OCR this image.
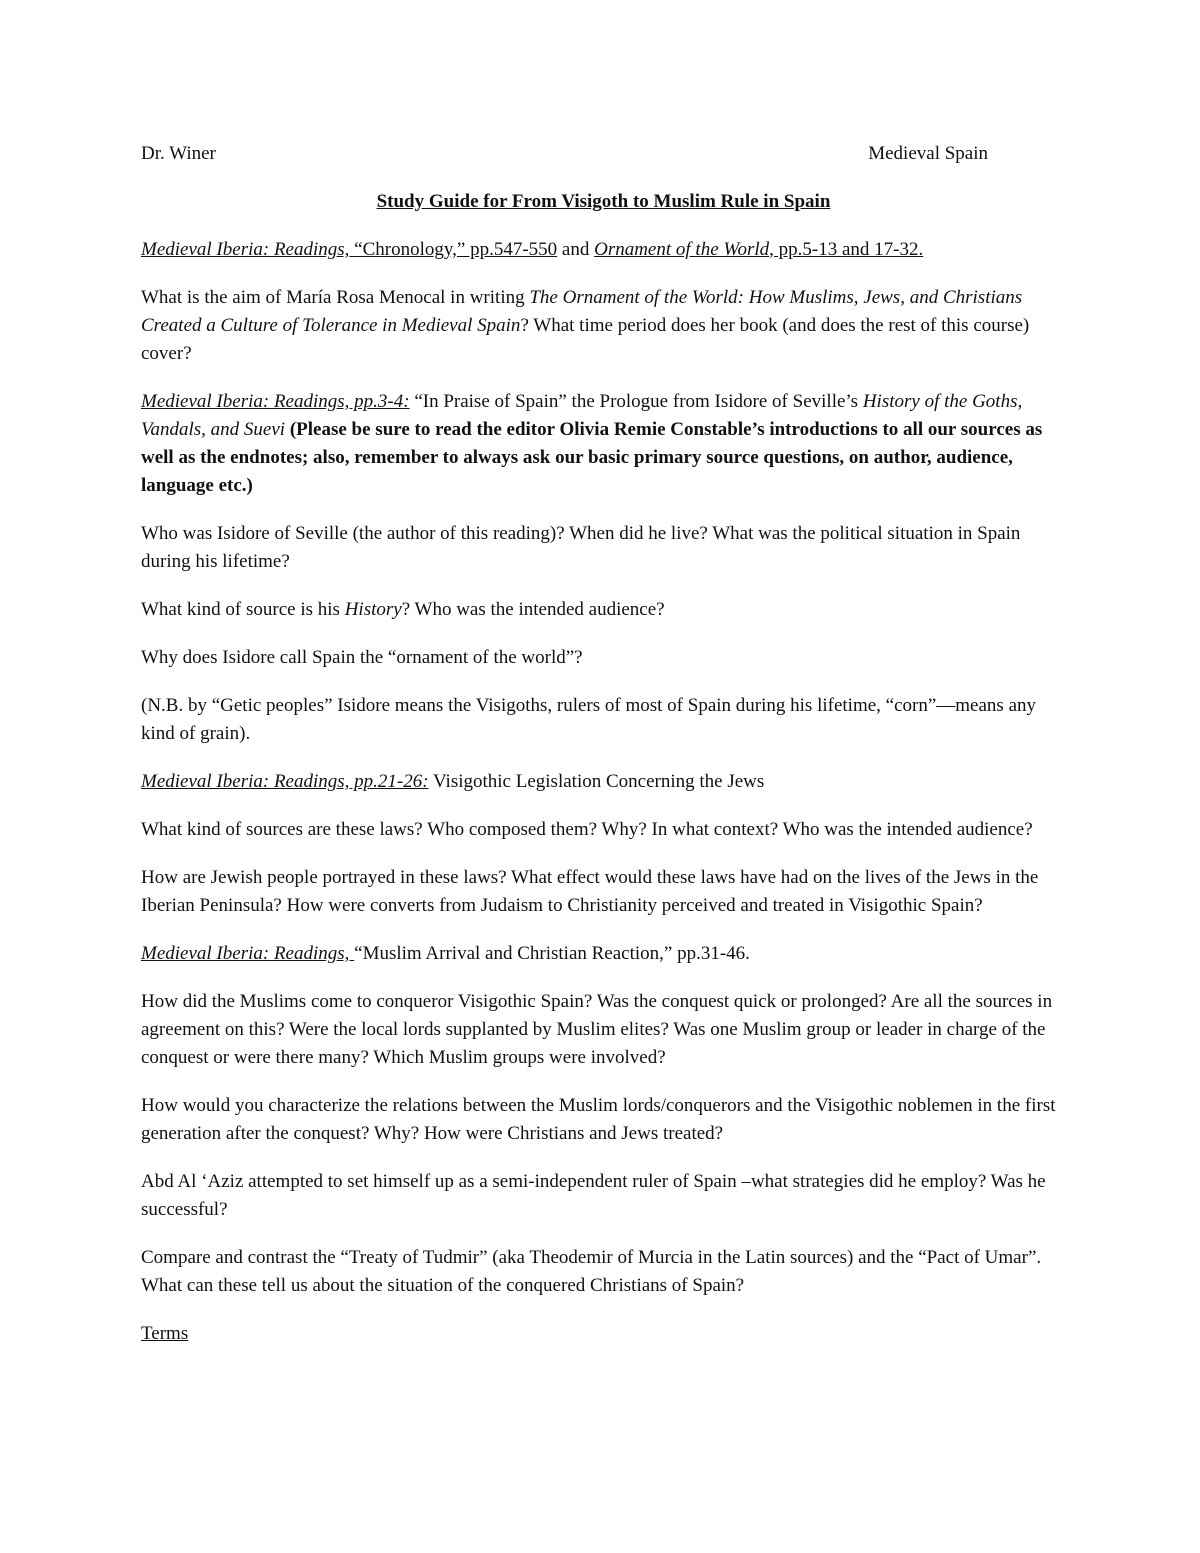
Dr. Winer	Medieval Spain

Study Guide for From Visigoth to Muslim Rule in Spain

Medieval Iberia: Readings, “Chronology,” pp.547-550 and Ornament of the World, pp.5-13 and 17-32.

What is the aim of María Rosa Menocal in writing The Ornament of the World: How Muslims, Jews, and Christians Created a Culture of Tolerance in Medieval Spain? What time period does her book (and does the rest of this course) cover?

Medieval Iberia: Readings, pp.3-4: “In Praise of Spain” the Prologue from Isidore of Seville’s History of the Goths, Vandals, and Suevi (Please be sure to read the editor Olivia Remie Constable’s introductions to all our sources as well as the endnotes; also, remember to always ask our basic primary source questions, on author, audience, language etc.)

Who was Isidore of Seville (the author of this reading)? When did he live? What was the political situation in Spain during his lifetime?

What kind of source is his History? Who was the intended audience?

Why does Isidore call Spain the “ornament of the world”?

(N.B. by “Getic peoples” Isidore means the Visigoths, rulers of most of Spain during his lifetime, “corn”—means any kind of grain).

Medieval Iberia: Readings, pp.21-26: Visigothic Legislation Concerning the Jews

What kind of sources are these laws? Who composed them? Why? In what context? Who was the intended audience?

How are Jewish people portrayed in these laws? What effect would these laws have had on the lives of the Jews in the Iberian Peninsula? How were converts from Judaism to Christianity perceived and treated in Visigothic Spain?

Medieval Iberia: Readings, “Muslim Arrival and Christian Reaction,” pp.31-46.

How did the Muslims come to conqueror Visigothic Spain? Was the conquest quick or prolonged? Are all the sources in agreement on this? Were the local lords supplanted by Muslim elites? Was one Muslim group or leader in charge of the conquest or were there many? Which Muslim groups were involved?

How would you characterize the relations between the Muslim lords/conquerors and the Visigothic noblemen in the first generation after the conquest? Why? How were Christians and Jews treated?

Abd Al ‘Aziz attempted to set himself up as a semi-independent ruler of Spain –what strategies did he employ? Was he successful?

Compare and contrast the “Treaty of Tudmir” (aka Theodemir of Murcia in the Latin sources) and the “Pact of Umar”. What can these tell us about the situation of the conquered Christians of Spain?

Terms
